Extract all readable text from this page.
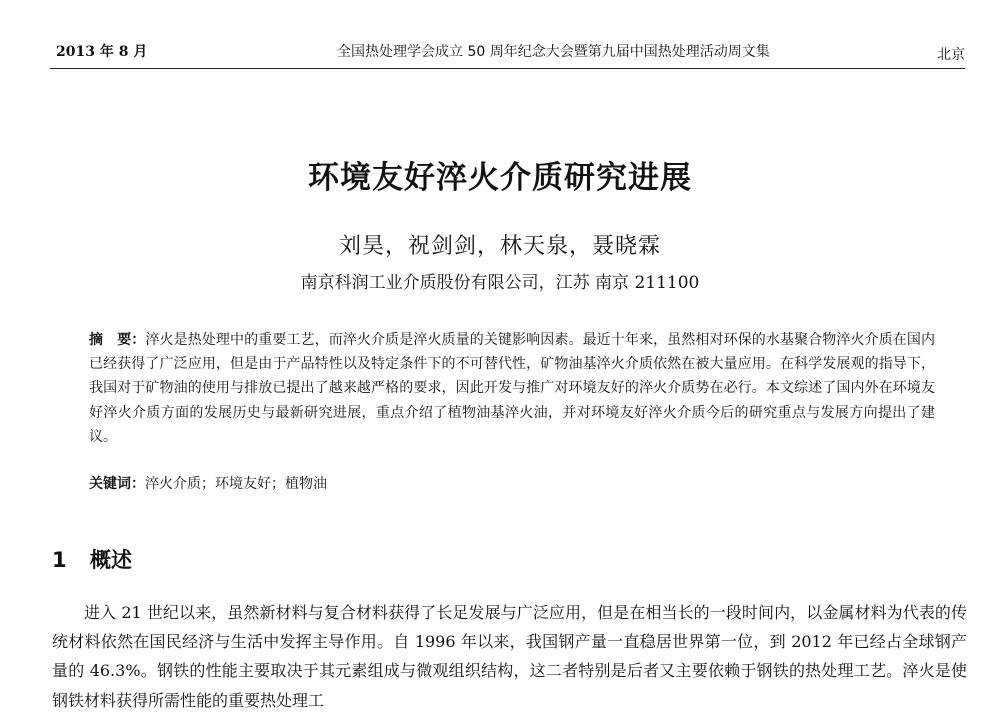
2013 年 8 月	全国热处理学会成立 50 周年纪念大会暨第九届中国热处理活动周文集	北京
环境友好淬火介质研究进展
刘昊，祝剑剑，林天泉，聂晓霖
南京科润工业介质股份有限公司，江苏 南京 211100
摘　要：淬火是热处理中的重要工艺，而淬火介质是淬火质量的关键影响因素。最近十年来，虽然相对环保的水基聚合物淬火介质在国内已经获得了广泛应用，但是由于产品特性以及特定条件下的不可替代性，矿物油基淬火介质依然在被大量应用。在科学发展观的指导下，我国对于矿物油的使用与排放已提出了越来越严格的要求，因此开发与推广对环境友好的淬火介质势在必行。本文综述了国内外在环境友好淬火介质方面的发展历史与最新研究进展，重点介绍了植物油基淬火油，并对环境友好淬火介质今后的研究重点与发展方向提出了建议。
关键词：淬火介质；环境友好；植物油
1 概述
进入 21 世纪以来，虽然新材料与复合材料获得了长足发展与广泛应用，但是在相当长的一段时间内，以金属材料为代表的传统材料依然在国民经济与生活中发挥主导作用。自 1996 年以来，我国钢产量一直稳居世界第一位，到 2012 年已经占全球钢产量的 46.3%。钢铁的性能主要取决于其元素组成与微观组织结构，这二者特别是后者又主要依赖于钢铁的热处理工艺。淬火是使钢铁材料获得所需性能的重要热处理工
